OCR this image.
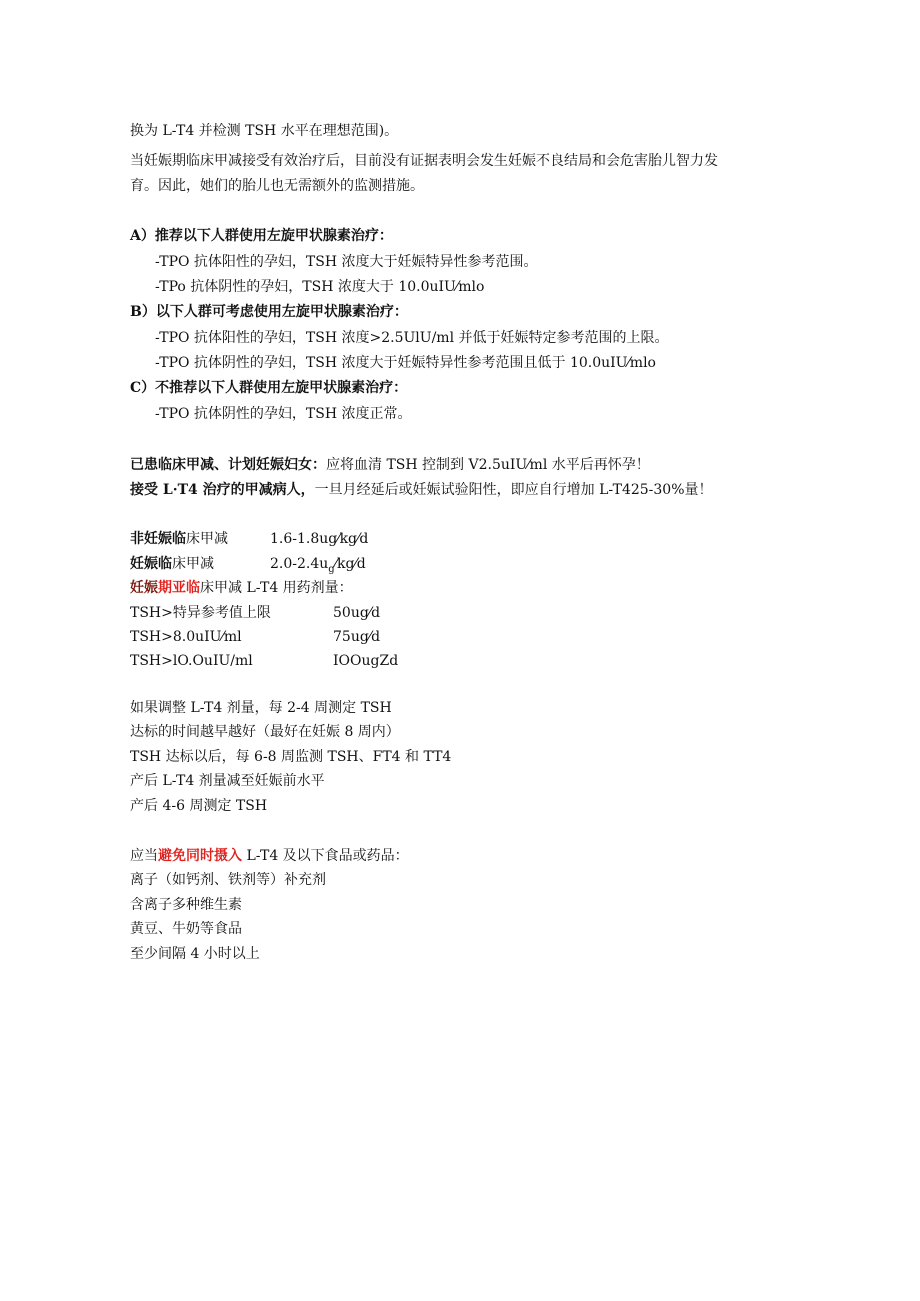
换为 L-T4 并检测 TSH 水平在理想范围)。
当妊娠期临床甲减接受有效治疗后，目前没有证据表明会发生妊娠不良结局和会危害胎儿智力发
育。因此，她们的胎儿也无需额外的监测措施。
A）推荐以下人群使用左旋甲状腺素治疗：
-TPO 抗体阳性的孕妇，TSH 浓度大于妊娠特异性参考范围。
-TPo 抗体阴性的孕妇，TSH 浓度大于 10.0uIU⁄mlo
B）以下人群可考虑使用左旋甲状腺素治疗：
-TPO 抗体阳性的孕妇，TSH 浓度>2.5UlU/ml 并低于妊娠特定参考范围的上限。
-TPO 抗体阴性的孕妇，TSH 浓度大于妊娠特异性参考范围且低于 10.0uIU⁄mlo
C）不推荐以下人群使用左旋甲状腺素治疗：
-TPO 抗体阴性的孕妇，TSH 浓度正常。
已患临床甲减、计划妊娠妇女：应将血清 TSH 控制到 V2.5uIU⁄ml 水平后再怀孕！
接受 L·T4 治疗的甲减病人，一旦月经延后或妊娠试验阳性，即应自行增加 L-T425-30%量！
非妊娠临床甲减	1.6-1.8ug⁄kg⁄d
妊娠临床甲减	$2.0-2.4u_g⁄kg⁄d$
妊娠期亚临床甲减 L-T4 用药剂量：
TSH>特异参考值上限	50ug⁄d
TSH>8.0uIU⁄ml	75ug⁄d
TSH>lO.OuIU/ml	IOOugZd
如果调整 L-T4 剂量，每 2-4 周测定 TSH
达标的时间越早越好（最好在妊娠 8 周内）
TSH 达标以后，每 6-8 周监测 TSH、FT4 和 TT4
产后 L-T4 剂量减至妊娠前水平
产后 4-6 周测定 TSH
应当避免同时摄入 L-T4 及以下食品或药品：
离子（如钙剂、铁剂等）补充剂
含离子多种维生素
黄豆、牛奶等食品
至少间隔 4 小时以上
